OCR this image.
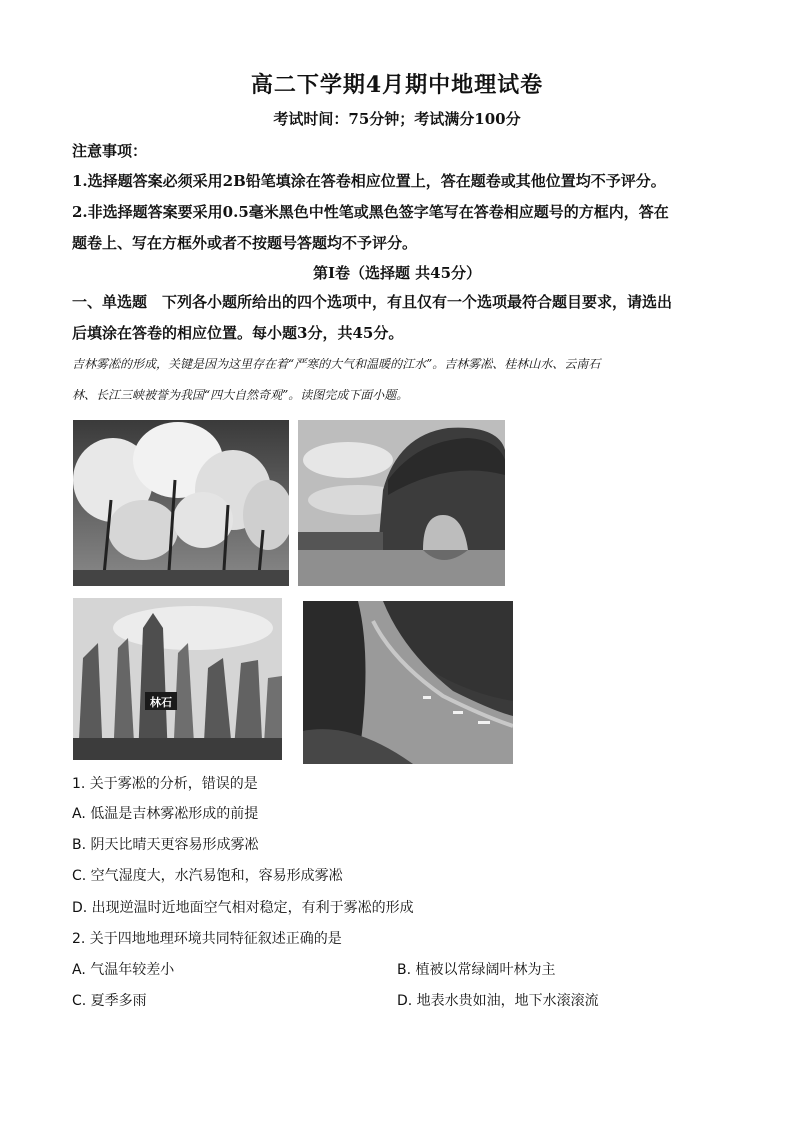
高二下学期4月期中地理试卷
考试时间：75分钟；考试满分100分
注意事项：
1.选择题答案必须采用2B铅笔填涂在答卷相应位置上，答在题卷或其他位置均不予评分。
2.非选择题答案要采用0.5毫米黑色中性笔或黑色签字笔写在答卷相应题号的方框内，答在
题卷上、写在方框外或者不按题号答题均不予评分。
第Ⅰ卷（选择题 共45分）
一、单选题　下列各小题所给出的四个选项中，有且仅有一个选项最符合题目要求，请选出
后填涂在答卷的相应位置。每小题3分，共45分。
吉林雾凇的形成，关键是因为这里存在着“严寒的大气和温暖的江水”。吉林雾凇、桂林山水、云南石
林、长江三峡被誉为我国“四大自然奇观”。读图完成下面小题。
林石
1. 关于雾凇的分析，错误的是
A. 低温是吉林雾凇形成的前提
B. 阴天比晴天更容易形成雾凇
C. 空气湿度大，水汽易饱和，容易形成雾凇
D. 出现逆温时近地面空气相对稳定，有利于雾凇的形成
2. 关于四地地理环境共同特征叙述正确的是
A. 气温年较差小	B. 植被以常绿阔叶林为主
C. 夏季多雨	D. 地表水贵如油，地下水滚滚流
